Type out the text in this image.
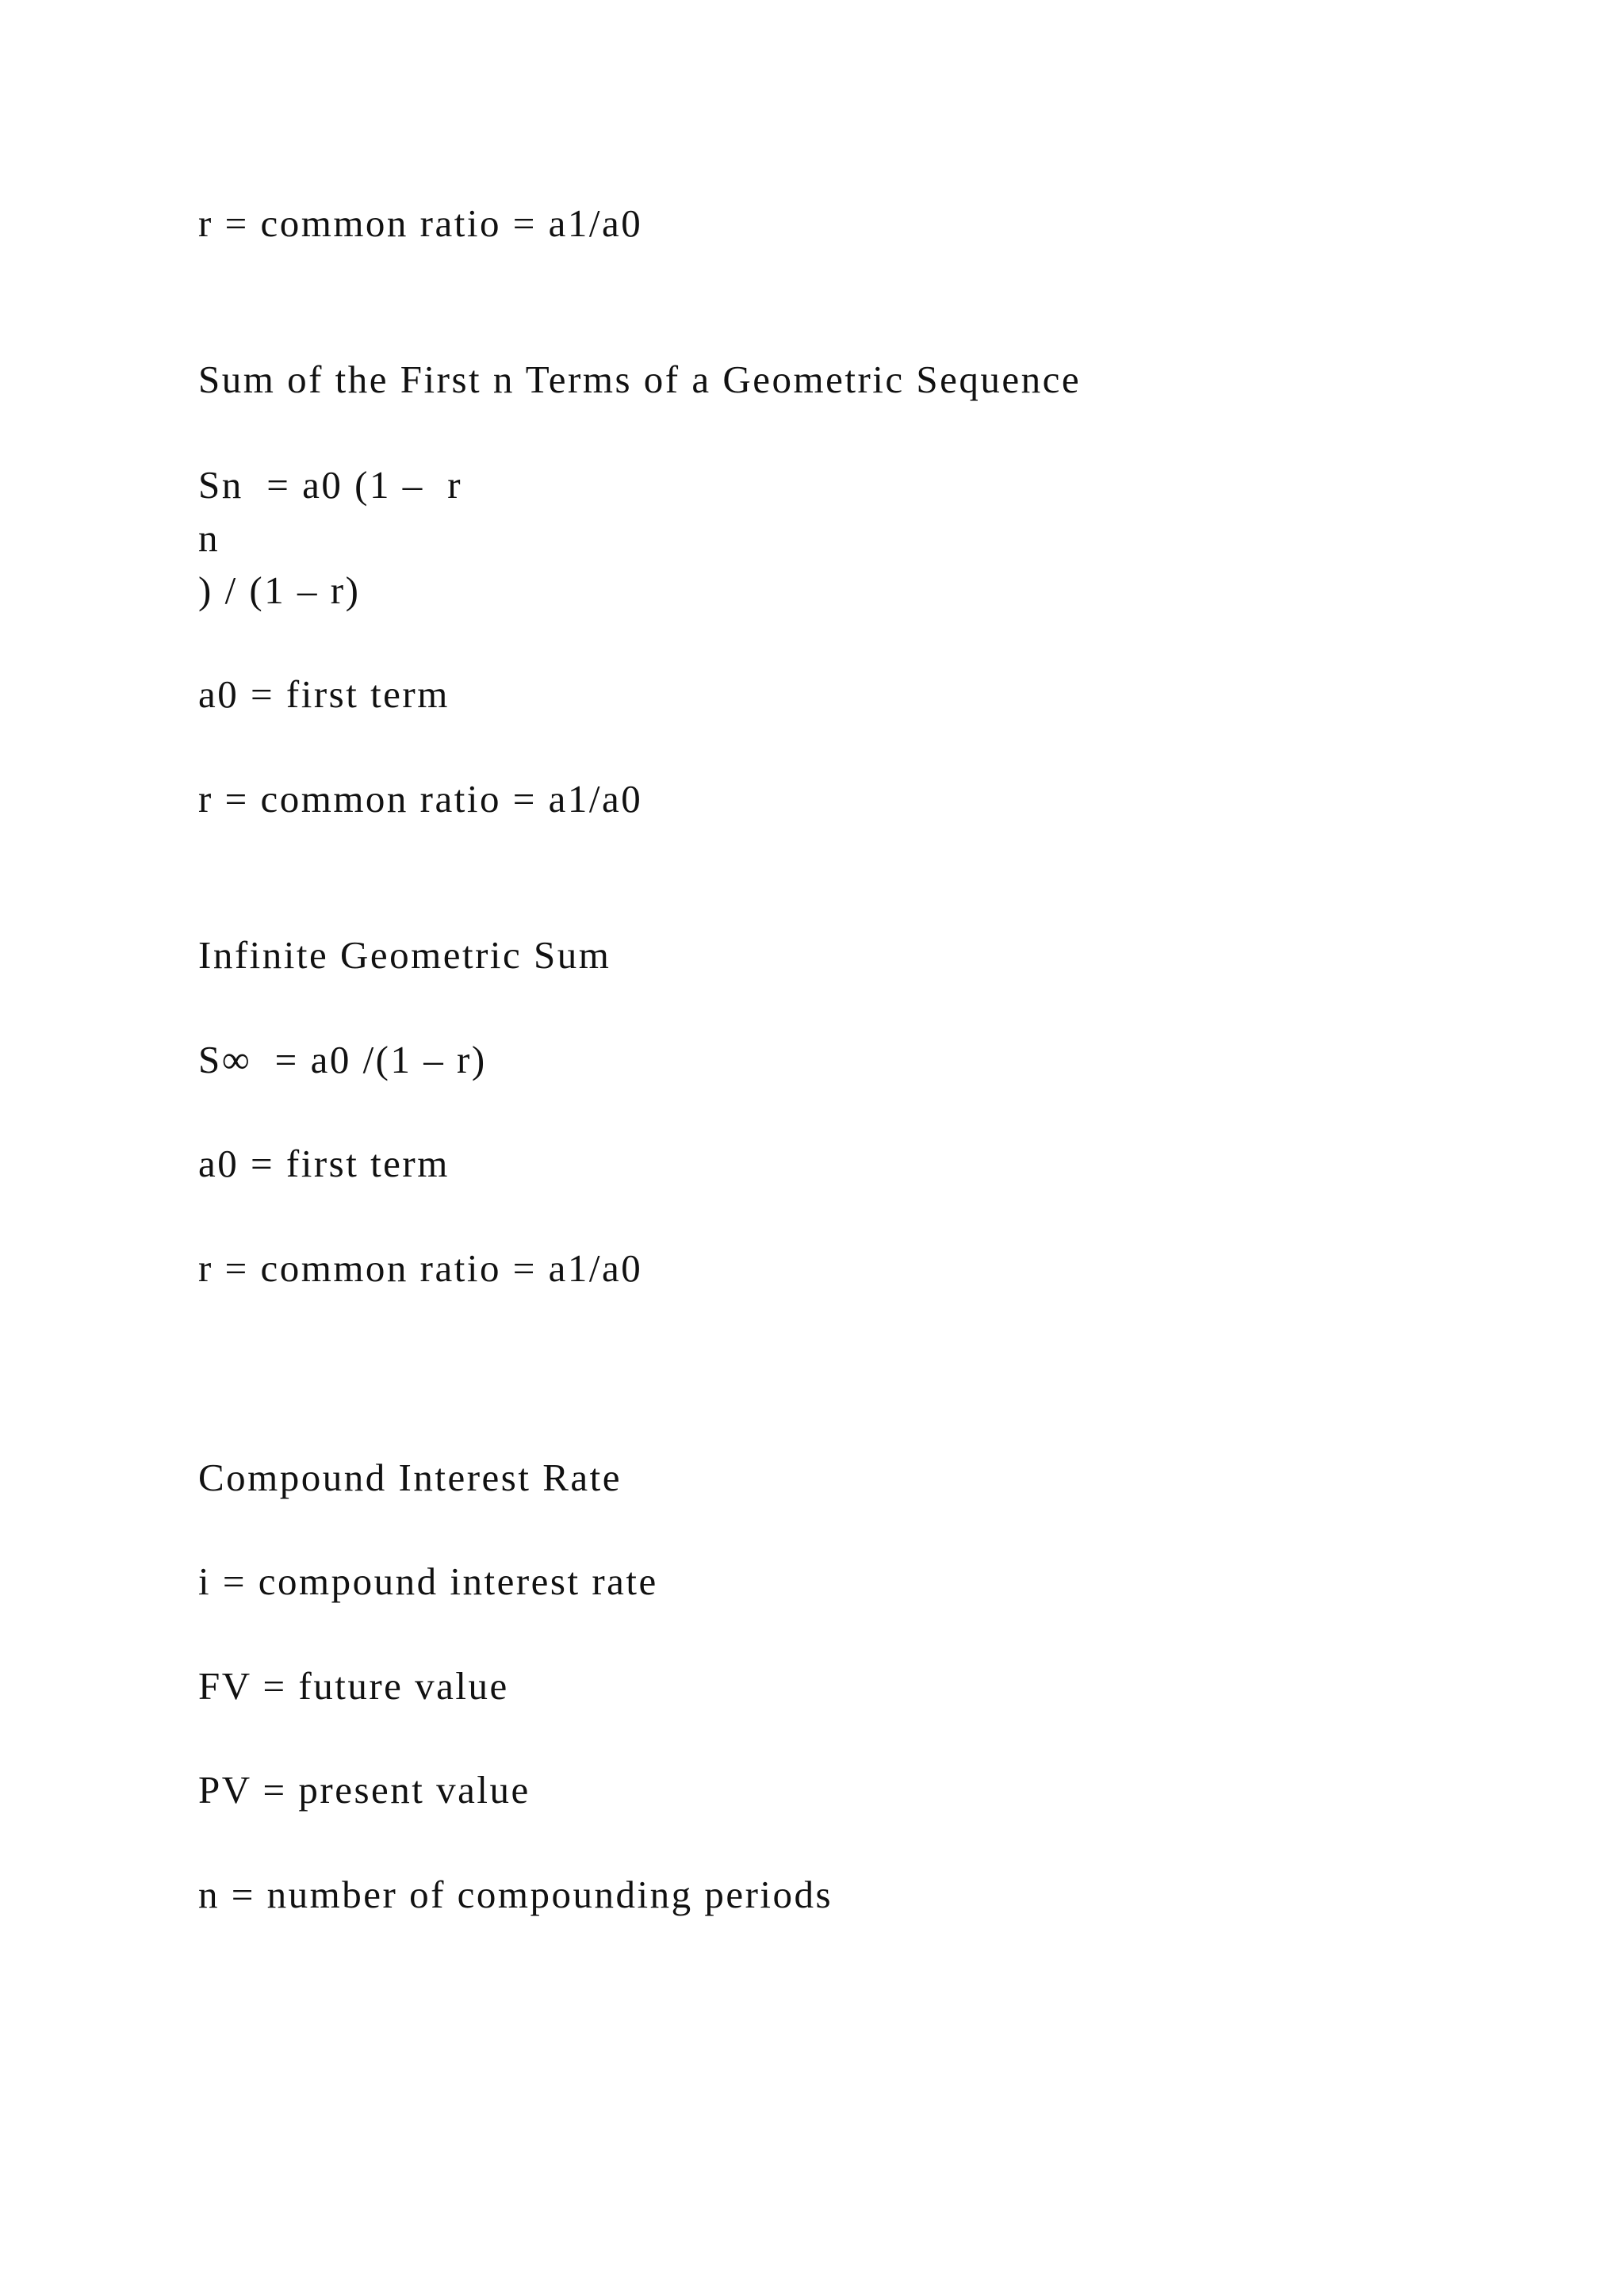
r = common ratio = a1/a0

Sum of the First n Terms of a Geometric Sequence

Sn  = a0 (1 –  r

n

) / (1 – r)

a0 = first term

r = common ratio = a1/a0

Infinite Geometric Sum

S∞  = a0 /(1 – r)

a0 = first term

r = common ratio = a1/a0

Compound Interest Rate

i = compound interest rate

FV = future value

PV = present value

n = number of compounding periods
